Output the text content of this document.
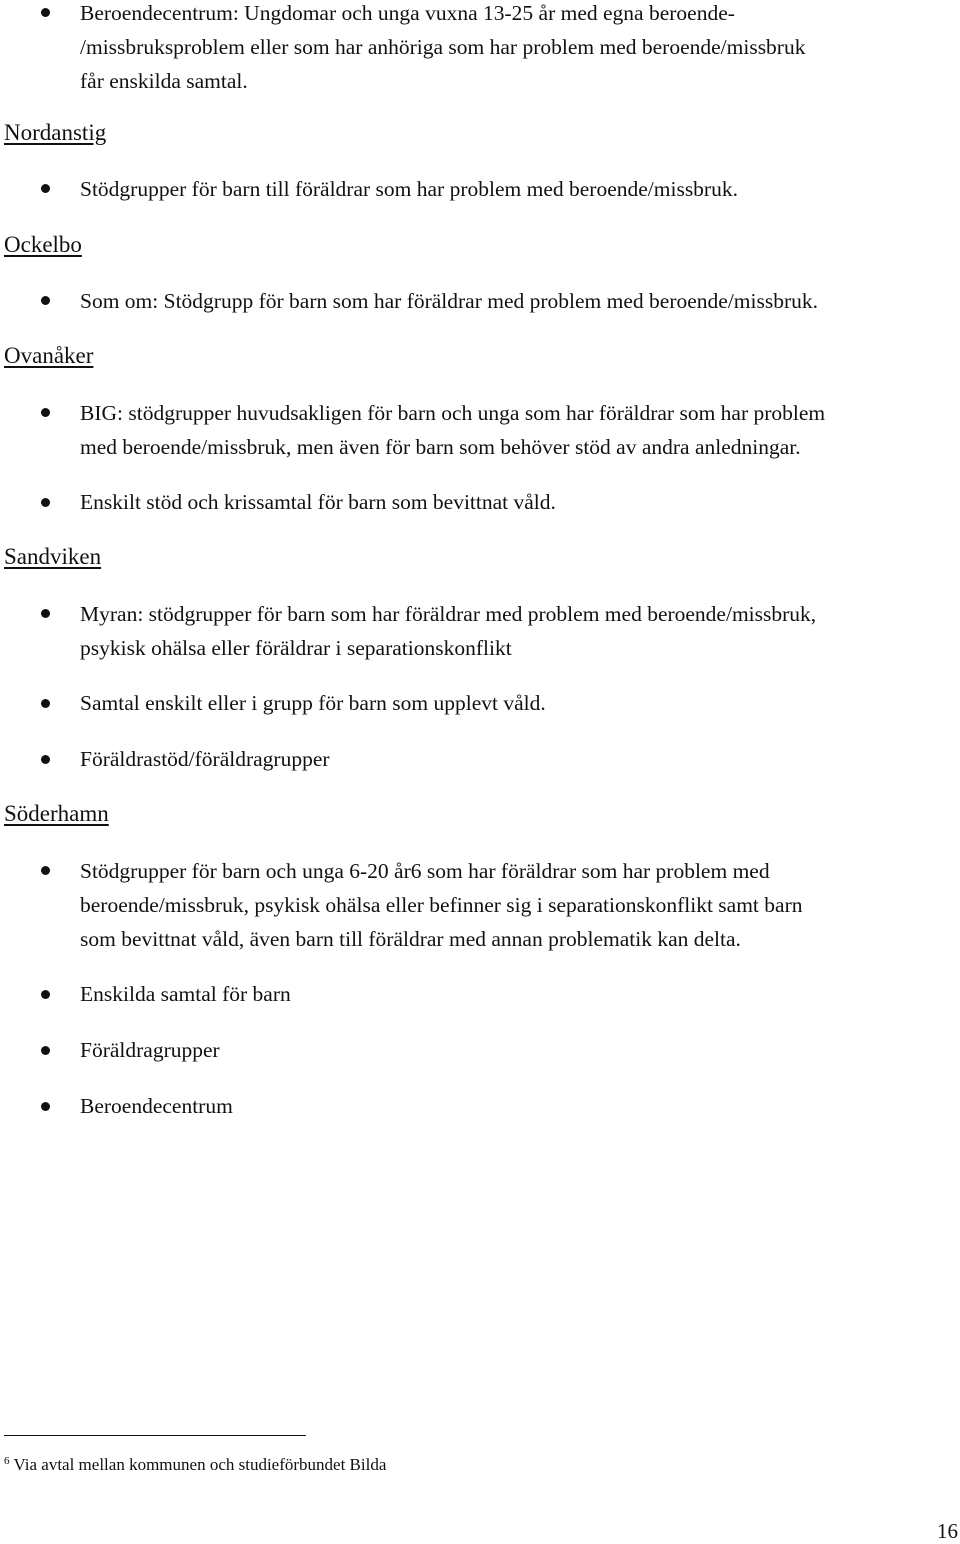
Beroendecentrum: Ungdomar och unga vuxna 13-25 år med egna beroende-
/missbruksproblem eller som har anhöriga som har problem med beroende/missbruk
får enskilda samtal.
Nordanstig
Stödgrupper för barn till föräldrar som har problem med beroende/missbruk.
Ockelbo
Som om: Stödgrupp för barn som har föräldrar med problem med beroende/missbruk.
Ovanåker
BIG: stödgrupper huvudsakligen för barn och unga som har föräldrar som har problem
med beroende/missbruk, men även för barn som behöver stöd av andra anledningar.
Enskilt stöd och krissamtal för barn som bevittnat våld.
Sandviken
Myran: stödgrupper för barn som har föräldrar med problem med beroende/missbruk,
psykisk ohälsa eller föräldrar i separationskonflikt
Samtal enskilt eller i grupp för barn som upplevt våld.
Föräldrastöd/föräldragrupper
Söderhamn
Stödgrupper för barn och unga 6-20 år6 som har föräldrar som har problem med
beroende/missbruk, psykisk ohälsa eller befinner sig i separationskonflikt samt barn
som bevittnat våld, även barn till föräldrar med annan problematik kan delta.
Enskilda samtal för barn
Föräldragrupper
Beroendecentrum
$^6$ Via avtal mellan kommunen och studieförbundet Bilda
16
